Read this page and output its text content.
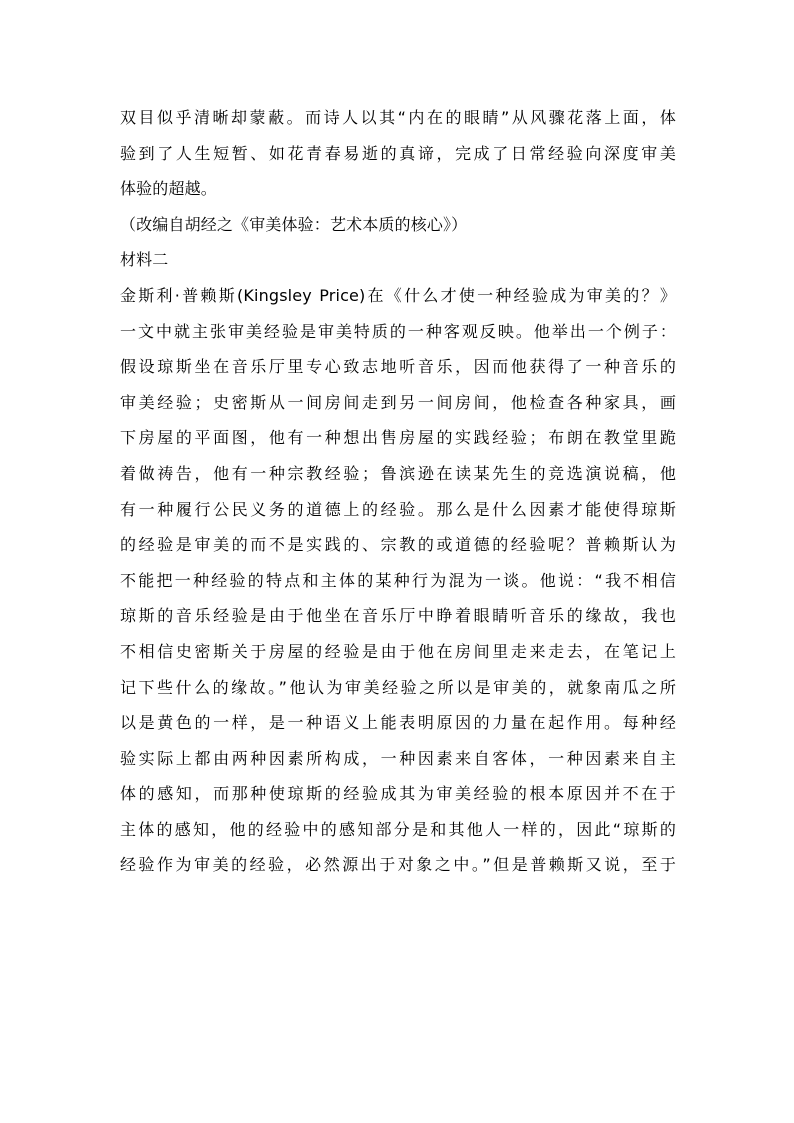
双目似乎清晰却蒙蔽。而诗人以其“内在的眼睛”从风骤花落上面，体
验到了人生短暂、如花青春易逝的真谛，完成了日常经验向深度审美
体验的超越。
（改编自胡经之《审美体验：艺术本质的核心》）
材料二
金斯利·普赖斯(Kingsley Price)在《什么才使一种经验成为审美的？》
一文中就主张审美经验是审美特质的一种客观反映。他举出一个例子：
假设琼斯坐在音乐厅里专心致志地听音乐，因而他获得了一种音乐的
审美经验；史密斯从一间房间走到另一间房间，他检查各种家具，画
下房屋的平面图，他有一种想出售房屋的实践经验；布朗在教堂里跪
着做祷告，他有一种宗教经验；鲁滨逊在读某先生的竞选演说稿，他
有一种履行公民义务的道德上的经验。那么是什么因素才能使得琼斯
的经验是审美的而不是实践的、宗教的或道德的经验呢？普赖斯认为
不能把一种经验的特点和主体的某种行为混为一谈。他说：“我不相信
琼斯的音乐经验是由于他坐在音乐厅中睁着眼睛听音乐的缘故，我也
不相信史密斯关于房屋的经验是由于他在房间里走来走去，在笔记上
记下些什么的缘故。”他认为审美经验之所以是审美的，就象南瓜之所
以是黄色的一样，是一种语义上能表明原因的力量在起作用。每种经
验实际上都由两种因素所构成，一种因素来自客体，一种因素来自主
体的感知，而那种使琼斯的经验成其为审美经验的根本原因并不在于
主体的感知，他的经验中的感知部分是和其他人一样的，因此“琼斯的
经验作为审美的经验，必然源出于对象之中。”但是普赖斯又说，至于
